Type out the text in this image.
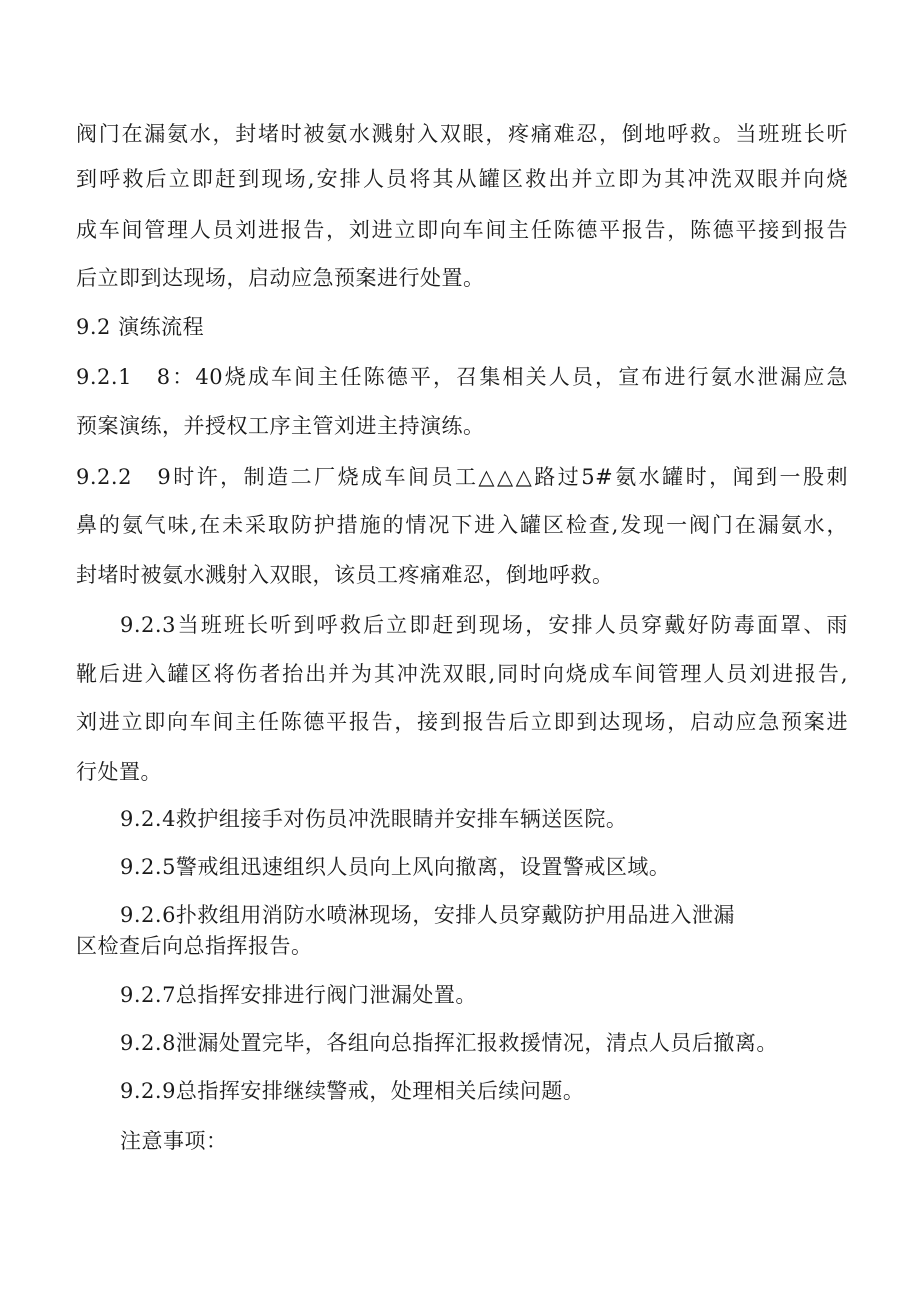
阀门在漏氨水，封堵时被氨水溅射入双眼，疼痛难忍，倒地呼救。当班班长听
到呼救后立即赶到现场,安排人员将其从罐区救出并立即为其冲洗双眼并向烧
成车间管理人员刘进报告，刘进立即向车间主任陈德平报告，陈德平接到报告
后立即到达现场，启动应急预案进行处置。
9.2 演练流程
9.2.1　8：40烧成车间主任陈德平，召集相关人员，宣布进行氨水泄漏应急
预案演练，并授权工序主管刘进主持演练。
9.2.2　9时许，制造二厂烧成车间员工△△△路过5#氨水罐时，闻到一股刺
鼻的氨气味,在未采取防护措施的情况下进入罐区检查,发现一阀门在漏氨水，
封堵时被氨水溅射入双眼，该员工疼痛难忍，倒地呼救。
9.2.3当班班长听到呼救后立即赶到现场，安排人员穿戴好防毒面罩、雨
靴后进入罐区将伤者抬出并为其冲洗双眼,同时向烧成车间管理人员刘进报告,
刘进立即向车间主任陈德平报告，接到报告后立即到达现场，启动应急预案进
行处置。
9.2.4救护组接手对伤员冲洗眼睛并安排车辆送医院。
9.2.5警戒组迅速组织人员向上风向撤离，设置警戒区域。
9.2.6扑救组用消防水喷淋现场，安排人员穿戴防护用品进入泄漏
区检查后向总指挥报告。
9.2.7总指挥安排进行阀门泄漏处置。
9.2.8泄漏处置完毕，各组向总指挥汇报救援情况，清点人员后撤离。
9.2.9总指挥安排继续警戒，处理相关后续问题。
注意事项：
